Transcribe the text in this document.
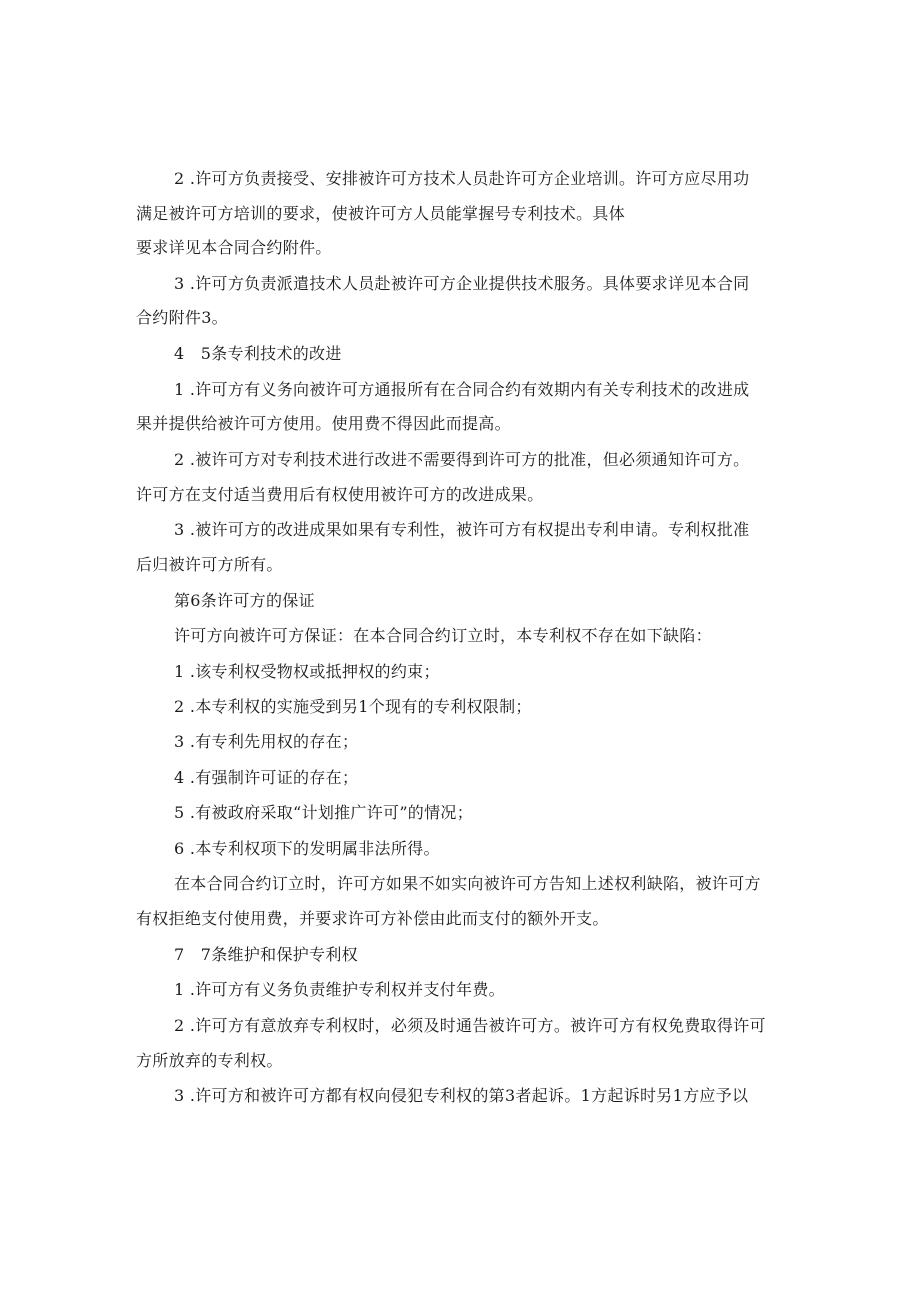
2 .许可方负责接受、安排被许可方技术人员赴许可方企业培训。许可方应尽用功
满足被许可方培训的要求，使被许可方人员能掌握号专利技术。具体
要求详见本合同合约附件。
3 .许可方负责派遣技术人员赴被许可方企业提供技术服务。具体要求详见本合同
合约附件3。
4　5条专利技术的改进
1 .许可方有义务向被许可方通报所有在合同合约有效期内有关专利技术的改进成
果并提供给被许可方使用。使用费不得因此而提高。
2 .被许可方对专利技术进行改进不需要得到许可方的批准，但必须通知许可方。
许可方在支付适当费用后有权使用被许可方的改进成果。
3 .被许可方的改进成果如果有专利性，被许可方有权提出专利申请。专利权批准
后归被许可方所有。
第6条许可方的保证
许可方向被许可方保证：在本合同合约订立时，本专利权不存在如下缺陷：
1 .该专利权受物权或抵押权的约束；
2 .本专利权的实施受到另1个现有的专利权限制；
3 .有专利先用权的存在；
4 .有强制许可证的存在；
5 .有被政府采取“计划推广许可”的情况；
6 .本专利权项下的发明属非法所得。
在本合同合约订立时，许可方如果不如实向被许可方告知上述权利缺陷，被许可方
有权拒绝支付使用费，并要求许可方补偿由此而支付的额外开支。
7　7条维护和保护专利权
1 .许可方有义务负责维护专利权并支付年费。
2 .许可方有意放弃专利权时，必须及时通告被许可方。被许可方有权免费取得许可
方所放弃的专利权。
3 .许可方和被许可方都有权向侵犯专利权的第3者起诉。1方起诉时另1方应予以
